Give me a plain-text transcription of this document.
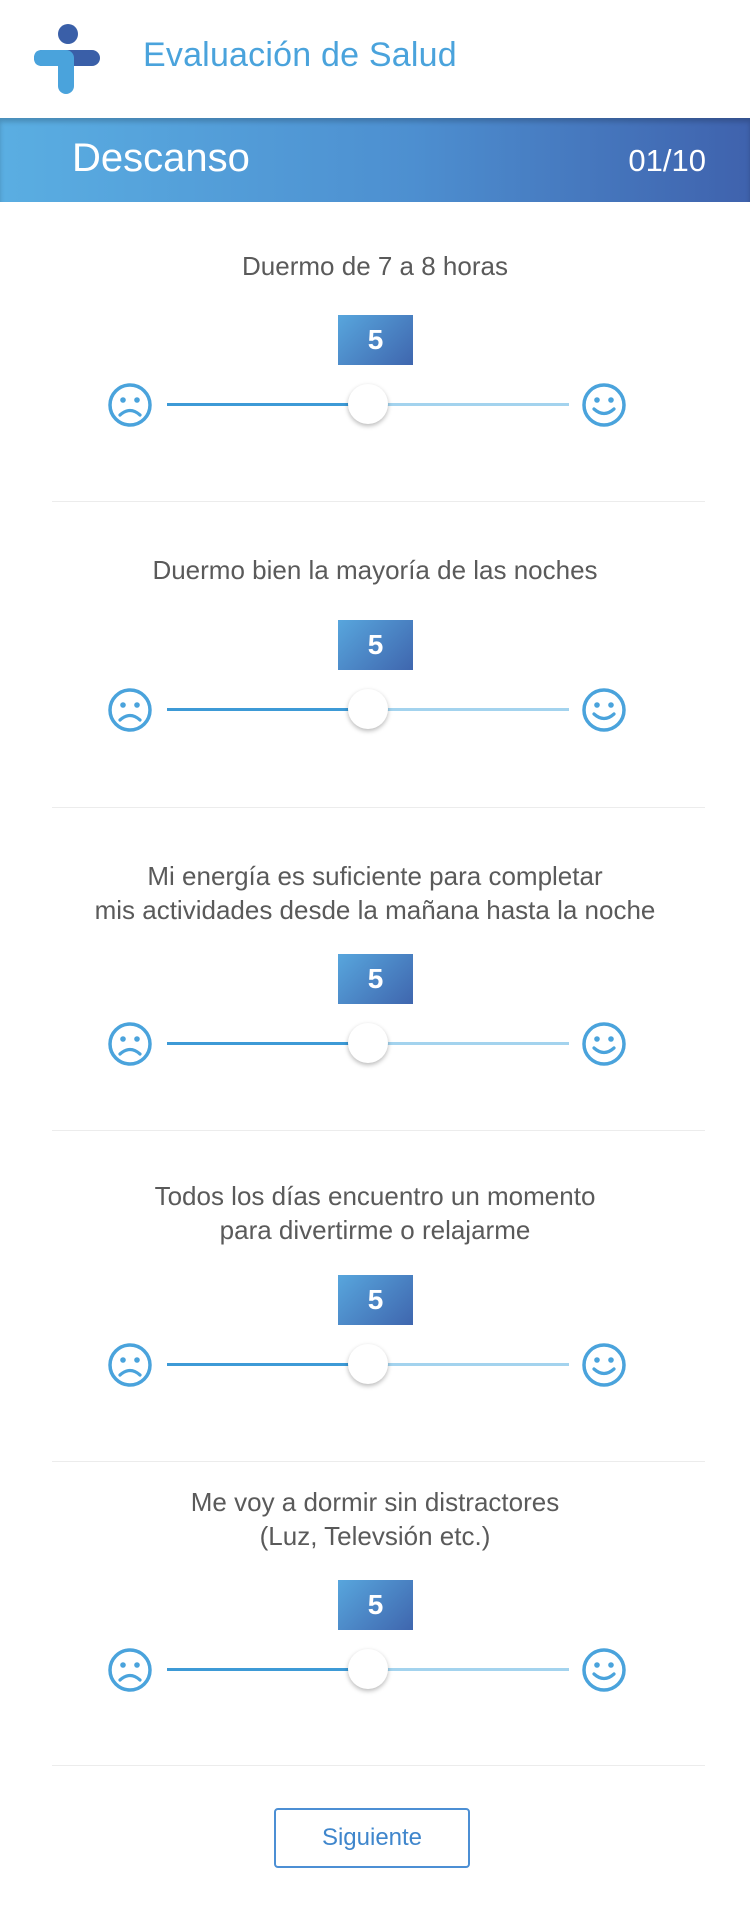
Evaluación de Salud
Descanso	01/10
Duermo de 7 a 8 horas
5
Duermo bien la mayoría de las noches
5
Mi energía es suficiente para completar
mis actividades desde la mañana hasta la noche
5
Todos los días encuentro un momento
para divertirme o relajarme
5
Me voy a dormir sin distractores
(Luz, Televsión etc.)
5
Siguiente
